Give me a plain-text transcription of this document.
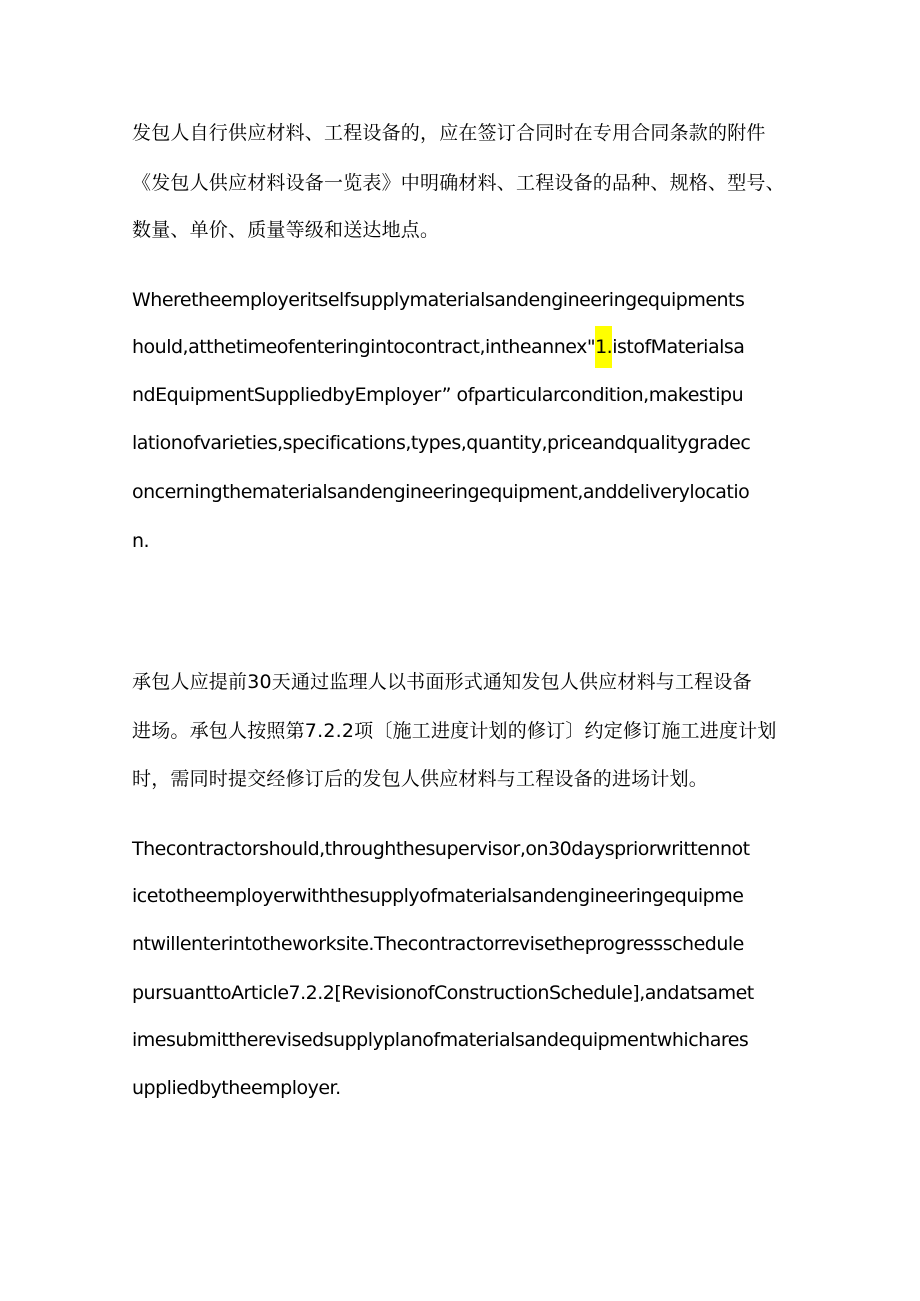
发包人自行供应材料、工程设备的，应在签订合同时在专用合同条款的附件
《发包人供应材料设备一览表》中明确材料、工程设备的品种、规格、型号、
数量、单价、质量等级和送达地点。
Wheretheemployeritselfsupplymaterialsandengineeringequipments
hould,atthetimeofenteringintocontract,intheannex"1.istofMaterialsa
ndEquipmentSuppliedbyEmployer” ofparticularcondition,makestipu
lationofvarieties,specifications,types,quantity,priceandqualitygradec
oncerningthematerialsandengineeringequipment,anddeliverylocatio
n.
承包人应提前30天通过监理人以书面形式通知发包人供应材料与工程设备
进场。承包人按照第7.2.2项〔施工进度计划的修订〕约定修订施工进度计划
时，需同时提交经修订后的发包人供应材料与工程设备的进场计划。
Thecontractorshould,throughthesupervisor,on30dayspriorwrittennot
icetotheemployerwiththesupplyofmaterialsandengineeringequipme
ntwillenterintotheworksite.Thecontractorrevisetheprogressschedule
pursuanttoArticle7.2.2[RevisionofConstructionSchedule],andatsamet
imesubmittherevisedsupplyplanofmaterialsandequipmentwhichares
uppliedbytheemployer.
